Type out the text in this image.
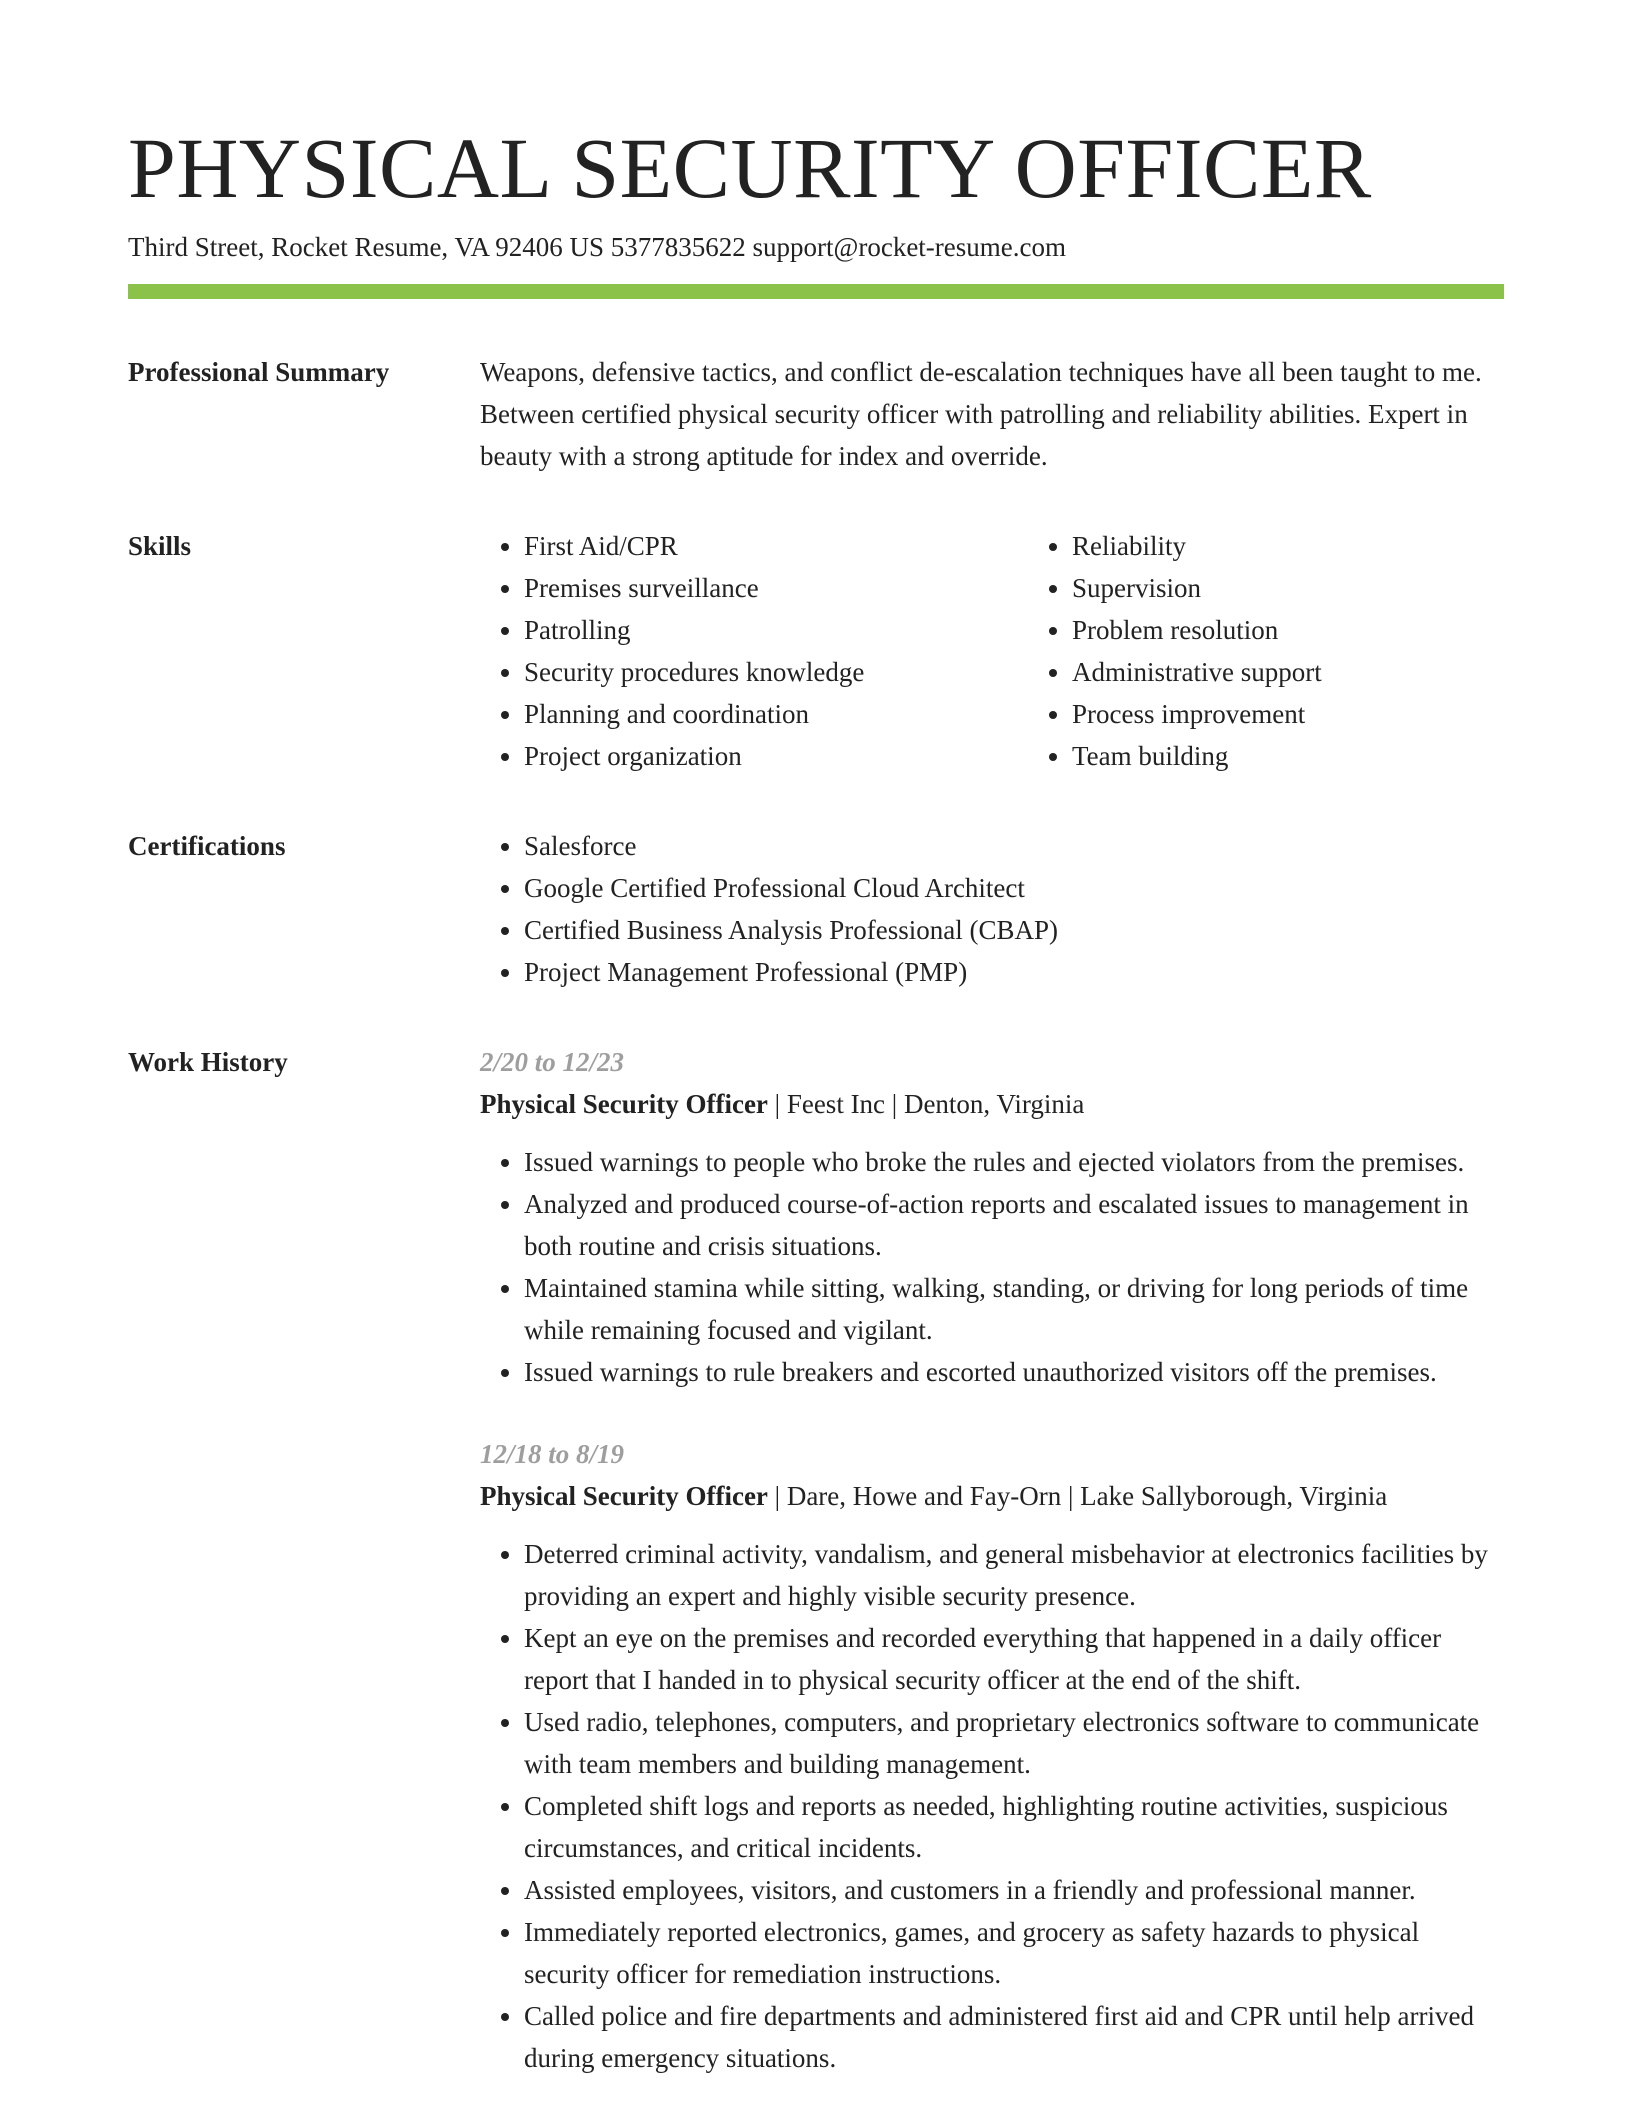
PHYSICAL SECURITY OFFICER
Third Street, Rocket Resume, VA 92406 US 5377835622 support@rocket-resume.com
Professional Summary	Weapons, defensive tactics, and conflict de-escalation techniques have all been taught to me. Between certified physical security officer with patrolling and reliability abilities. Expert in beauty with a strong aptitude for index and override.

Skills	• First Aid/CPR
• Premises surveillance
• Patrolling
• Security procedures knowledge
• Planning and coordination
• Project organization
• Reliability
• Supervision
• Problem resolution
• Administrative support
• Process improvement
• Team building
Certifications	• Salesforce
• Google Certified Professional Cloud Architect
• Certified Business Analysis Professional (CBAP)
• Project Management Professional (PMP)
Work History	2/20 to 12/23
Physical Security Officer | Feest Inc | Denton, Virginia
• Issued warnings to people who broke the rules and ejected violators from the premises.
• Analyzed and produced course-of-action reports and escalated issues to management in both routine and crisis situations.
• Maintained stamina while sitting, walking, standing, or driving for long periods of time while remaining focused and vigilant.
• Issued warnings to rule breakers and escorted unauthorized visitors off the premises.
12/18 to 8/19
Physical Security Officer | Dare, Howe and Fay-Orn | Lake Sallyborough, Virginia
• Deterred criminal activity, vandalism, and general misbehavior at electronics facilities by providing an expert and highly visible security presence.
• Kept an eye on the premises and recorded everything that happened in a daily officer report that I handed in to physical security officer at the end of the shift.
• Used radio, telephones, computers, and proprietary electronics software to communicate with team members and building management.
• Completed shift logs and reports as needed, highlighting routine activities, suspicious circumstances, and critical incidents.
• Assisted employees, visitors, and customers in a friendly and professional manner.
• Immediately reported electronics, games, and grocery as safety hazards to physical security officer for remediation instructions.
• Called police and fire departments and administered first aid and CPR until help arrived during emergency situations.
